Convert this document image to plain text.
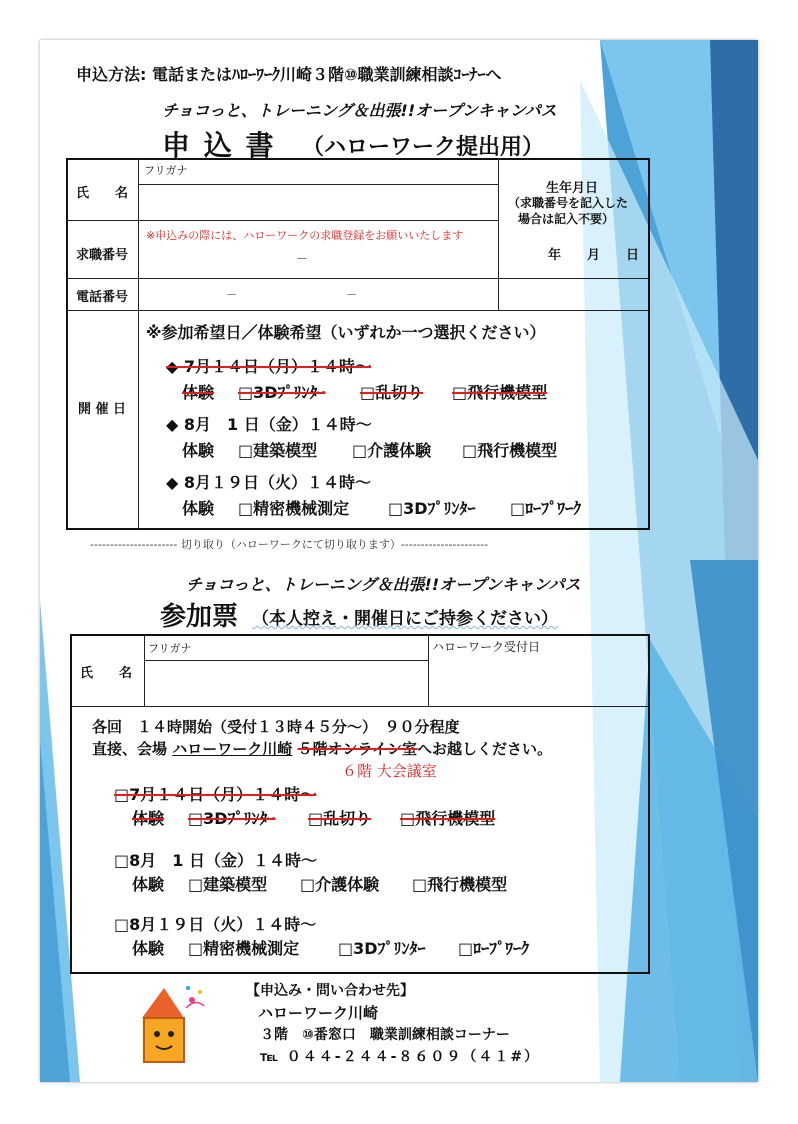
申込方法: 電話またはﾊﾛｰﾜｰｸ川崎３階⑩職業訓練相談ｺｰﾅｰへ
チョコっと、トレーニング＆出張!!オープンキャンパス
申 込 書 （ハローワーク提出用）
氏　　名
フリガナ
生年月日
（求職番号を記入した
場合は記入不要）
年　　月　　日
求職番号
※申込みの際には、ハローワークの求職登録をお願いいたします
－
電話番号	－	－
開 催 日
※参加希望日／体験希望（いずれか一つ選択ください）
◆ 7月１４日（月）１４時～
体験 □3Dﾌﾟﾘﾝﾀｰ □乱切り □飛行機模型
◆ 8月　1 日（金）１４時～
体験 □建築模型 □介護体験 □飛行機模型
◆ 8月１９日（火）１４時～
体験 □精密機械測定 □3Dﾌﾟﾘﾝﾀｰ □ﾛｰﾌﾟﾜｰｸ
---------------------- 切り取り（ハローワークにて切り取ります）----------------------
チョコっと、トレーニング＆出張!!オープンキャンパス
参加票 （本人控え・開催日にご持参ください）
氏　　名
フリガナ	ハローワーク受付日
各回　１４時開始（受付１３時４５分～）　９０分程度
直接、会場 ハローワーク川崎 ５階オンライン室へお越しください。
６階 大会議室
□7月１４日（月）１４時～
体験 □3Dﾌﾟﾘﾝﾀｰ □乱切り □飛行機模型
□8月　1 日（金）１４時～
体験 □建築模型 □介護体験 □飛行機模型
□8月１９日（火）１４時～
体験 □精密機械測定 □3Dﾌﾟﾘﾝﾀｰ □ﾛｰﾌﾟﾜｰｸ
【申込み・問い合わせ先】
ハローワーク川崎
３階　⑩番窓口　職業訓練相談コーナー
℡ ０４４-２４４-８６０９（４１#）
